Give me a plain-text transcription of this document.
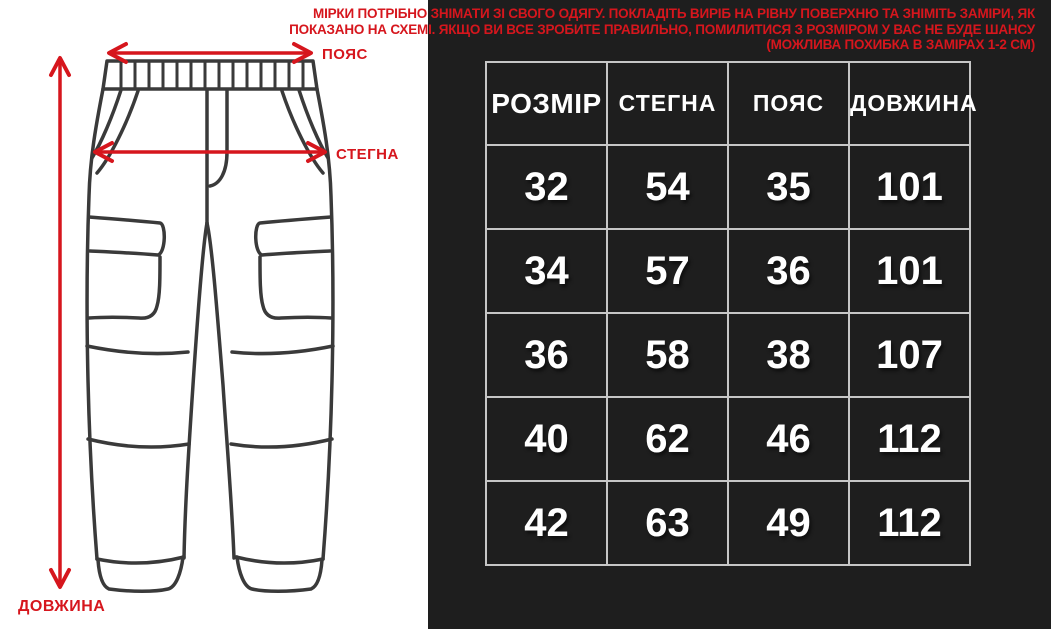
ПОЯС
СТЕГНА
ДОВЖИНА
МІРКИ ПОТРІБНО ЗНІМАТИ ЗІ СВОГО ОДЯГУ. ПОКЛАДІТЬ ВИРІБ НА РІВНУ ПОВЕРХНЮ ТА ЗНІМІТЬ ЗАМІРИ, ЯК
ПОКАЗАНО НА СХЕМІ. ЯКЩО ВИ ВСЕ ЗРОБИТЕ ПРАВИЛЬНО, ПОМИЛИТИСЯ З РОЗМІРОМ У ВАС НЕ БУДЕ ШАНСУ
(МОЖЛИВА ПОХИБКА В ЗАМІРАХ 1-2 СМ)
РОЗМІР	СТЕГНА	ПОЯС	ДОВЖИНА
32	54	35	101
34	57	36	101
36	58	38	107
40	62	46	112
42	63	49	112
